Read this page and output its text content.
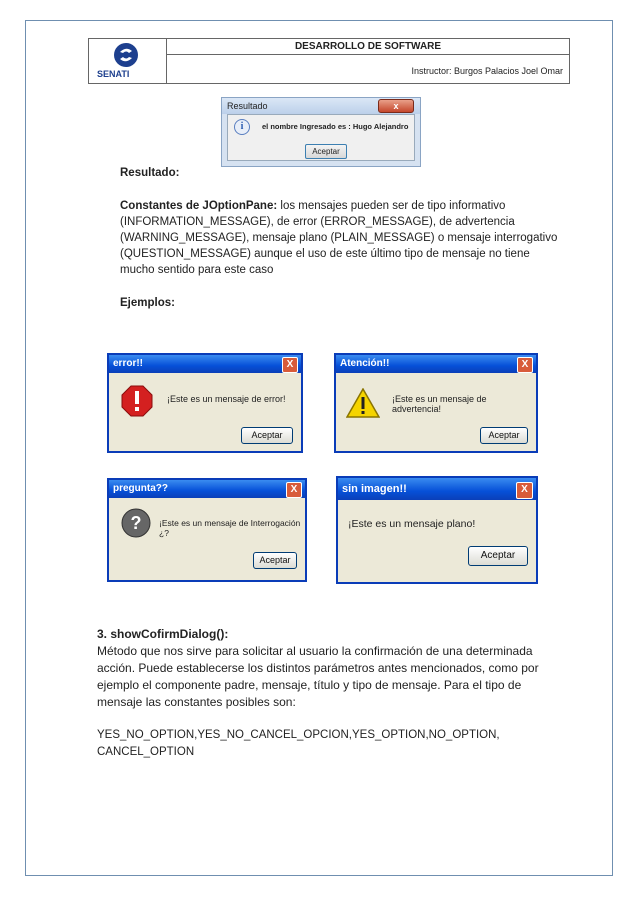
SENATI
DESARROLLO DE SOFTWARE
Instructor: Burgos Palacios Joel Omar
Resultado	x
i	el nombre Ingresado es : Hugo Alejandro
Aceptar
Resultado:
Constantes de JOptionPane: los mensajes pueden ser de tipo informativo
(INFORMATION_MESSAGE), de error (ERROR_MESSAGE), de advertencia
(WARNING_MESSAGE), mensaje plano (PLAIN_MESSAGE) o mensaje interrogativo
(QUESTION_MESSAGE) aunque el uso de este último tipo de mensaje no tiene
mucho sentido para este caso
Ejemplos:
error!!	X
¡Este es un mensaje de error!
Aceptar
Atención!!	X
¡Este es un mensaje de advertencia!
Aceptar
pregunta??	X
? ¡Este es un mensaje de Interrogación ¿?
Aceptar
sin imagen!!	X
¡Este es un mensaje plano!
Aceptar
3. showCofirmDialog():
Método que nos sirve para solicitar al usuario la confirmación de una determinada
acción. Puede establecerse los distintos parámetros antes mencionados, como por
ejemplo el componente padre, mensaje, título y tipo de mensaje. Para el tipo de
mensaje las constantes posibles son:
YES_NO_OPTION,YES_NO_CANCEL_OPCION,YES_OPTION,NO_OPTION,
CANCEL_OPTION
